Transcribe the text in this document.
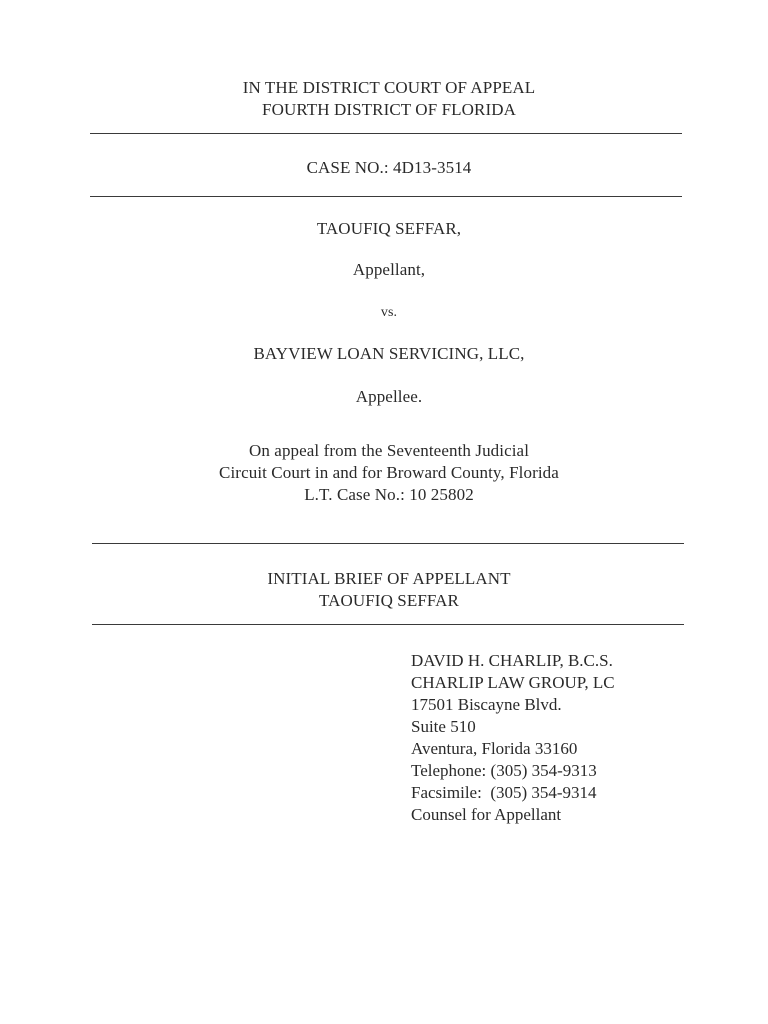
IN THE DISTRICT COURT OF APPEAL
FOURTH DISTRICT OF FLORIDA
CASE NO.: 4D13-3514
TAOUFIQ SEFFAR,
Appellant,
vs.
BAYVIEW LOAN SERVICING, LLC,
Appellee.
On appeal from the Seventeenth Judicial
Circuit Court in and for Broward County, Florida
L.T. Case No.: 10 25802
INITIAL BRIEF OF APPELLANT
TAOUFIQ SEFFAR
DAVID H. CHARLIP, B.C.S.
CHARLIP LAW GROUP, LC
17501 Biscayne Blvd.
Suite 510
Aventura, Florida 33160
Telephone: (305) 354-9313
Facsimile:  (305) 354-9314
Counsel for Appellant
